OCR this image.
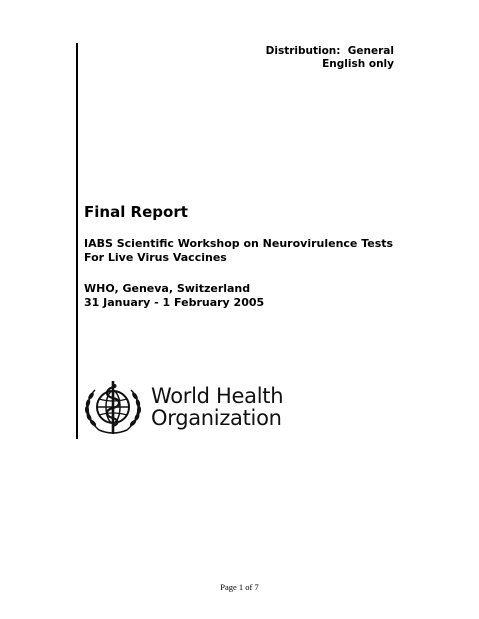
Distribution:  General
English only
Final Report
IABS Scientific Workshop on Neurovirulence Tests
For Live Virus Vaccines
WHO, Geneva, Switzerland
31 January - 1 February 2005
World Health
Organization
Page 1 of 7
